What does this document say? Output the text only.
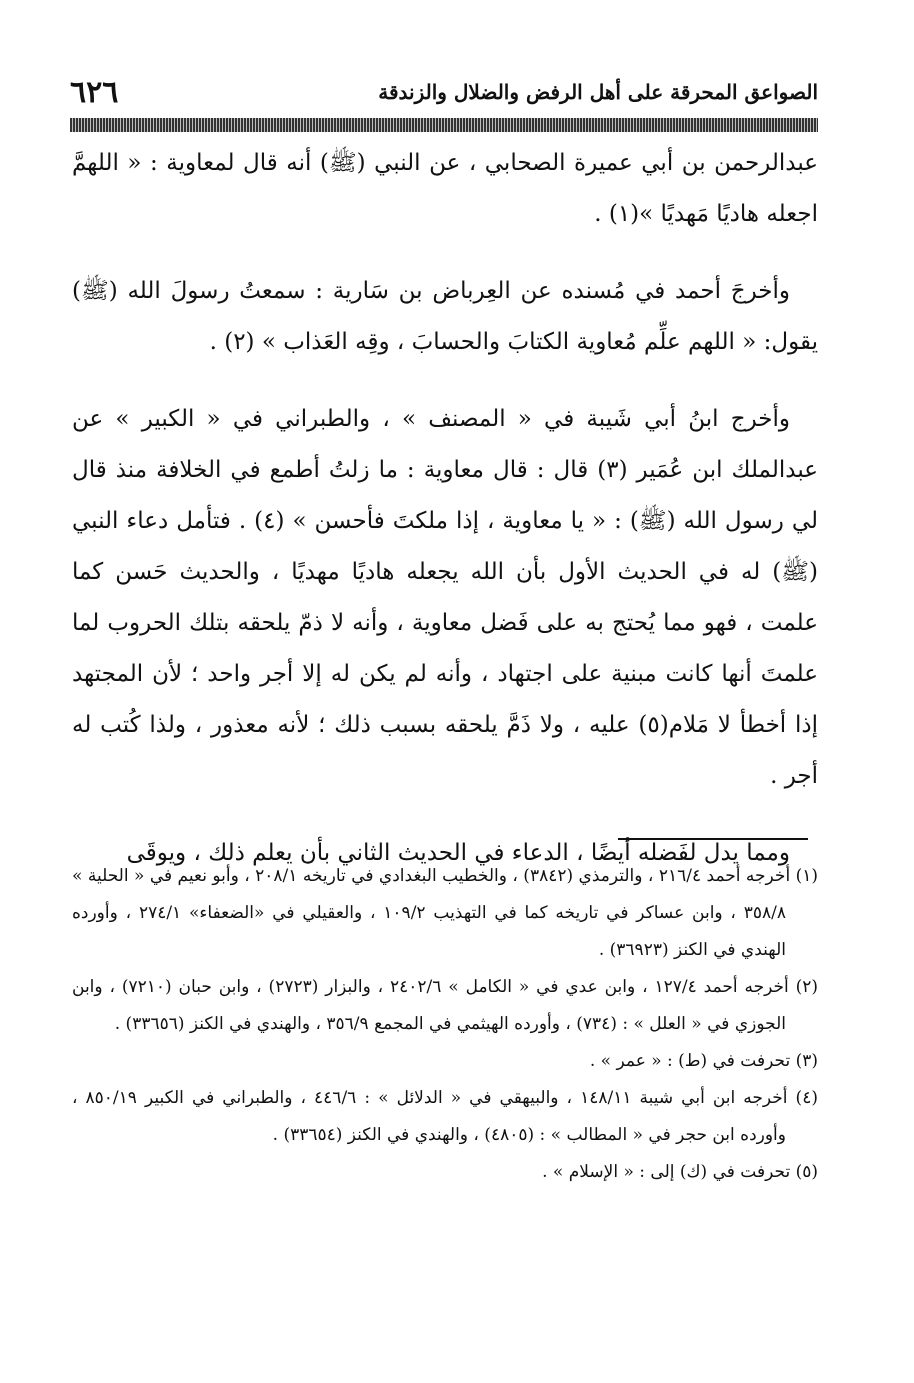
الصواعق المحرقة على أهل الرفض والضلال والزندقة
٦٢٦

عبدالرحمن بن أبي عميرة الصحابي ، عن النبي (ﷺ) أنه قال لمعاوية : « اللهمَّ اجعله هاديًا مَهديًا »(١) .

وأخرجَ أحمد في مُسنده عن العِرباض بن سَارية : سمعتُ رسولَ الله (ﷺ) يقول: « اللهم علِّم مُعاوية الكتابَ والحسابَ ، وقِه العَذاب » (٢) .

وأخرج ابنُ أبي شَيبة في « المصنف » ، والطبراني في « الكبير » عن عبدالملك ابن عُمَير (٣) قال : قال معاوية : ما زلتُ أطمع في الخلافة منذ قال لي رسول الله (ﷺ) : « يا معاوية ، إذا ملكتَ فأحسن » (٤) . فتأمل دعاء النبي (ﷺ) له في الحديث الأول بأن الله يجعله هاديًا مهديًا ، والحديث حَسن كما علمت ، فهو مما يُحتج به على فَضل معاوية ، وأنه لا ذمّ يلحقه بتلك الحروب لما علمتَ أنها كانت مبنية على اجتهاد ، وأنه لم يكن له إلا أجر واحد ؛ لأن المجتهد إذا أخطأ لا مَلام(٥) عليه ، ولا ذَمَّ يلحقه بسبب ذلك ؛ لأنه معذور ، ولذا كُتب له أجر .

ومما يدل لفَضله أيضًا ، الدعاء في الحديث الثاني بأن يعلم ذلك ، ويوقَى

(١) أخرجه أحمد ٢١٦/٤ ، والترمذي (٣٨٤٢) ، والخطيب البغدادي في تاريخه ٢٠٨/١ ، وأبو نعيم في « الحلية » ٣٥٨/٨ ، وابن عساكر في تاريخه كما في التهذيب ١٠٩/٢ ، والعقيلي في «الضعفاء» ٢٧٤/١ ، وأورده الهندي في الكنز (٣٦٩٢٣) .

(٢) أخرجه أحمد ١٢٧/٤ ، وابن عدي في « الكامل » ٢٤٠٢/٦ ، والبزار (٢٧٢٣) ، وابن حبان (٧٢١٠) ، وابن الجوزي في « العلل » : (٧٣٤) ، وأورده الهيثمي في المجمع ٣٥٦/٩ ، والهندي في الكنز (٣٣٦٥٦) .

(٣) تحرفت في (ط) : « عمر » .

(٤) أخرجه ابن أبي شيبة ١٤٨/١١ ، والبيهقي في « الدلائل » : ٤٤٦/٦ ، والطبراني في الكبير ٨٥٠/١٩ ، وأورده ابن حجر في « المطالب » : (٤٨٠٥) ، والهندي في الكنز (٣٣٦٥٤) .

(٥) تحرفت في (ك) إلى : « الإسلام » .
